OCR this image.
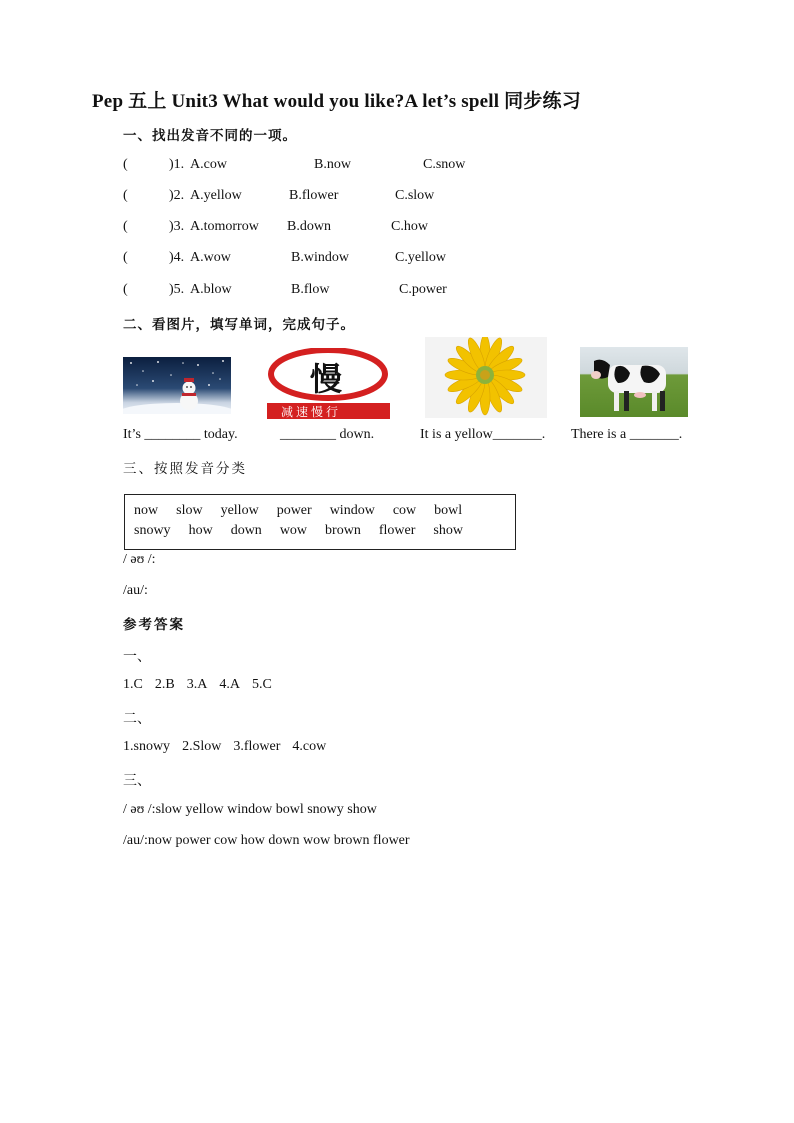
Pep 五上 Unit3 What would you like?A let’s spell 同步练习
一、找出发音不同的一项。
(	)1. A.cow	B.now	C.snow
(	)2. A.yellow	B.flower	C.slow
(	)3. A.tomorrow B.down	C.how
(	)4. A.wow	B.window	C.yellow
(	)5. A.blow	B.flow	C.power
二、看图片，填写单词，完成句子。
慢
减速慢行
It’s ________ today.	________ down.	It is a yellow_______. There is a _______.
三、按照发音分类
now slow yellow power window cow bowl
snowy how down wow brown flower show
/ əʊ /:
/au/:
参考答案
一、
1.C 2.B 3.A 4.A 5.C
二、
1.snowy 2.Slow 3.flower 4.cow
三、
/ əʊ /:slow yellow window bowl snowy show
/au/:now power cow how down wow brown flower
